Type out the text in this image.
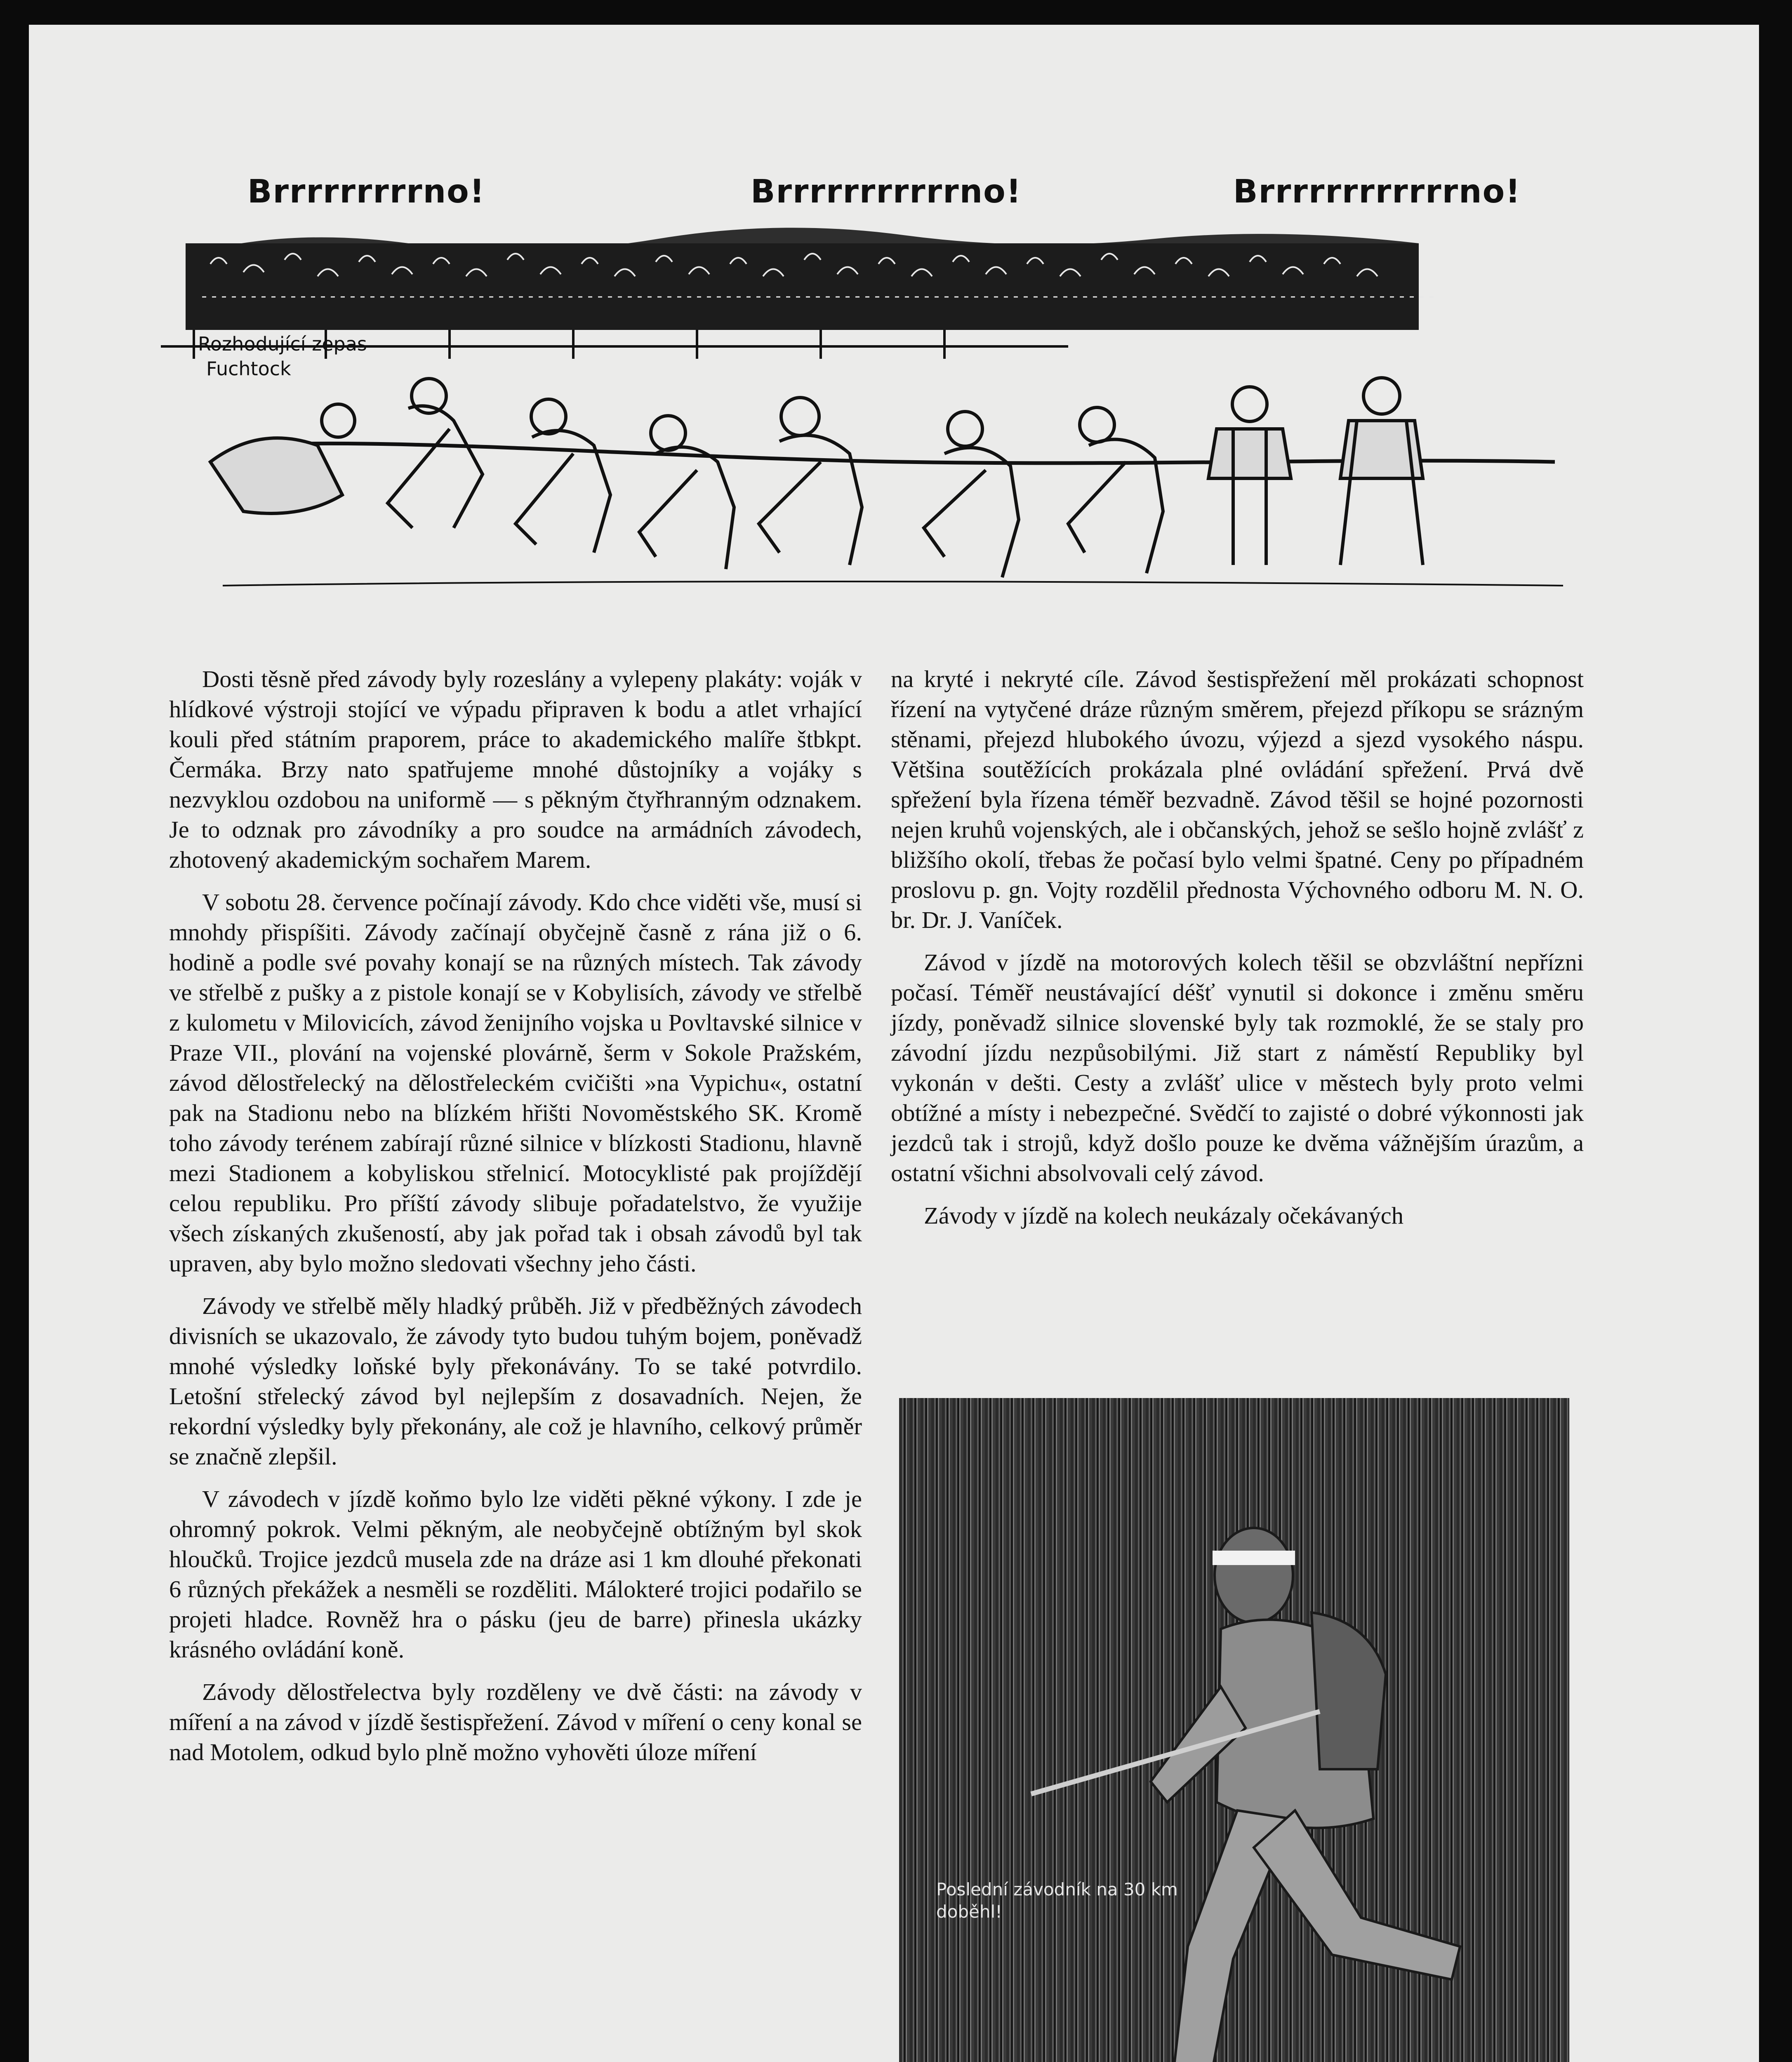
Brrrrrrrrrno!	Brrrrrrrrrrrno!	Brrrrrrrrrrrrno!
Rozhodující zepas
Fuchtock

Dosti těsně před závody byly rozeslány a vylepeny plakáty: voják v hlídkové výstroji stojící ve výpadu připraven k bodu a atlet vrhající kouli před státním praporem, práce to akademického malíře štbkpt. Čermáka. Brzy nato spatřujeme mnohé důstojníky a vojáky s nezvyklou ozdobou na uniformě — s pěkným čtyřhranným odznakem. Je to odznak pro závodníky a pro soudce na armádních závodech, zhotovený akademickým sochařem Marem.

V sobotu 28. července počínají závody. Kdo chce viděti vše, musí si mnohdy přispíšiti. Závody začínají obyčejně časně z rána již o 6. hodině a podle své povahy konají se na různých místech. Tak závody ve střelbě z pušky a z pistole konají se v Kobylisích, závody ve střelbě z kulometu v Milovicích, závod ženijního vojska u Povltavské silnice v Praze VII., plování na vojenské plovárně, šerm v Sokole Pražském, závod dělostřelecký na dělostřeleckém cvičišti »na Vypichu«, ostatní pak na Stadionu nebo na blízkém hřišti Novoměstského SK. Kromě toho závody terénem zabírají různé silnice v blízkosti Stadionu, hlavně mezi Stadionem a kobyliskou střelnicí. Motocyklisté pak projíždějí celou republiku. Pro příští závody slibuje pořadatelstvo, že využije všech získaných zkušeností, aby jak pořad tak i obsah závodů byl tak upraven, aby bylo možno sledovati všechny jeho části.

Závody ve střelbě měly hladký průběh. Již v předběžných závodech divisních se ukazovalo, že závody tyto budou tuhým bojem, poněvadž mnohé výsledky loňské byly překonávány. To se také potvrdilo. Letošní střelecký závod byl nejlepším z dosavadních. Nejen, že rekordní výsledky byly překonány, ale což je hlavního, celkový průměr se značně zlepšil.

V závodech v jízdě koňmo bylo lze viděti pěkné výkony. I zde je ohromný pokrok. Velmi pěkným, ale neobyčejně obtížným byl skok hloučků. Trojice jezdců musela zde na dráze asi 1 km dlouhé překonati 6 různých překážek a nesměli se rozděliti. Málokteré trojici podařilo se projeti hladce. Rovněž hra o pásku (jeu de barre) přinesla ukázky krásného ovládání koně.

Závody dělostřelectva byly rozděleny ve dvě části: na závody v míření a na závod v jízdě šestispřežení. Závod v míření o ceny konal se nad Motolem, odkud bylo plně možno vyhověti úloze míření

na kryté i nekryté cíle. Závod šestispřežení měl prokázati schopnost řízení na vytyčené dráze různým směrem, přejezd příkopu se srázným stěnami, přejezd hlubokého úvozu, výjezd a sjezd vysokého náspu. Většina soutěžících prokázala plné ovládání spřežení. Prvá dvě spřežení byla řízena téměř bezvadně. Závod těšil se hojné pozornosti nejen kruhů vojenských, ale i občanských, jehož se sešlo hojně zvlášť z bližšího okolí, třebas že počasí bylo velmi špatné. Ceny po případném proslovu p. gn. Vojty rozdělil přednosta Výchovného odboru M. N. O. br. Dr. J. Vaníček.

Závod v jízdě na motorových kolech těšil se obzvláštní nepřízni počasí. Téměř neustávající déšť vynutil si dokonce i změnu směru jízdy, poněvadž silnice slovenské byly tak rozmoklé, že se staly pro závodní jízdu nezpůsobilými. Již start z náměstí Republiky byl vykonán v dešti. Cesty a zvlášť ulice v městech byly proto velmi obtížné a místy i nebezpečné. Svědčí to zajisté o dobré výkonnosti jak jezdců tak i strojů, když došlo pouze ke dvěma vážnějším úrazům, a ostatní všichni absolvovali celý závod.

Závody v jízdě na kolech neukázaly očekávaných

Poslední závodník na 30 km
doběhl!
